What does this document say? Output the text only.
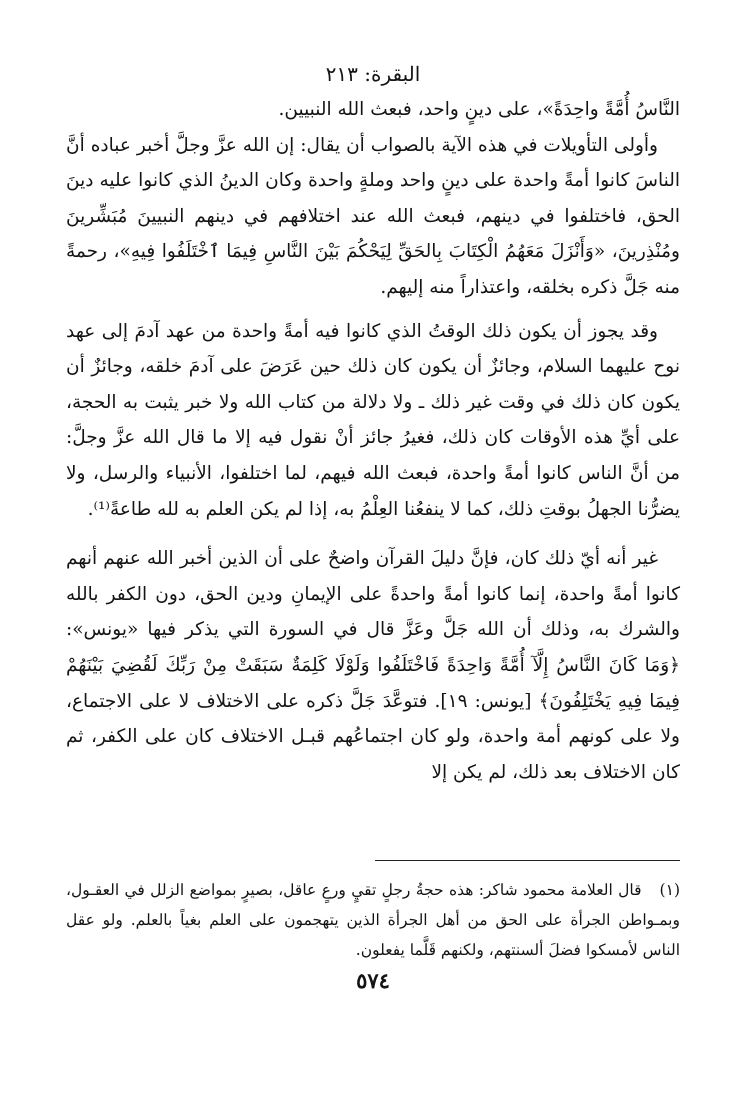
البقرة: ٢١٣

النَّاسُ أُمَّةً واحِدَةً»، على دينٍ واحد، فبعث الله النبيين.

وأولى التأويلات في هذه الآية بالصواب أن يقال: إن الله عزَّ وجلَّ أخبر عباده أنَّ الناسَ كانوا أمةً واحدة على دينٍ واحد وملةٍ واحدة وكان الدينُ الذي كانوا عليه دينَ الحق، فاختلفوا في دينهم، فبعث الله عند اختلافهم في دينهم النبيينَ مُبَشِّرينَ ومُنْذِرينَ، «وَأَنْزَلَ مَعَهُمُ الْكِتَابَ بِالحَقِّ لِيَحْكُمَ بَيْنَ النَّاسِ فِيمَا ٱخْتَلَفُوا فِيهِ»، رحمةً منه جَلَّ ذكره بخلقه، واعتذاراً منه إليهم.

وقد يجوز أن يكون ذلك الوقتُ الذي كانوا فيه أمةً واحدة من عهد آدمَ إلى عهد نوح عليهما السلام، وجائزٌ أن يكون كان ذلك حين عَرَضَ على آدمَ خلقه، وجائزٌ أن يكون كان ذلك في وقت غير ذلك ـ ولا دلالة من كتاب الله ولا خبر يثبت به الحجة، على أيِّ هذه الأوقات كان ذلك، فغيرُ جائز أنْ نقول فيه إلا ما قال الله عزَّ وجلَّ: من أنَّ الناس كانوا أمةً واحدة، فبعث الله فيهم، لما اختلفوا، الأنبياء والرسل، ولا يضرُّنا الجهلُ بوقتِ ذلك، كما لا ينفعُنا العِلْمُ به، إذا لم يكن العلم به لله طاعةً⁽¹⁾.

غير أنه أيّ ذلك كان، فإنَّ دليلَ القرآن واضحٌ على أن الذين أخبر الله عنهم أنهم كانوا أمةً واحدة، إنما كانوا أمةً واحدةً على الإيمانِ ودين الحق، دون الكفر بالله والشرك به، وذلك أن الله جَلَّ وعَزَّ قال في السورة التي يذكر فيها «يونس»: ﴿وَمَا كَانَ النَّاسُ إِلَّآ أُمَّةً وَاحِدَةً فَاخْتَلَفُوا وَلَوْلَا كَلِمَةٌ سَبَقَتْ مِنْ رَبِّكَ لَقُضِيَ بَيْنَهُمْ فِيمَا فِيهِ يَخْتَلِفُونَ﴾ [يونس: ١٩]. فتوعَّدَ جَلَّ ذكره على الاختلاف لا على الاجتماع، ولا على كونهم أمة واحدة، ولو كان اجتماعُهم قبـل الاختلاف كان على الكفر، ثم كان الاختلاف بعد ذلك، لم يكن إلا

(١)قال العلامة محمود شاكر: هذه حجةُ رجلٍ تقيٍ ورعٍ عاقل، بصيرٍ بمواضع الزلل في العقـول، وبمـواطن الجرأة على الحق من أهل الجرأة الذين يتهجمون على العلم بغياً بالعلم. ولو عقل الناس لأمسكوا فضلَ ألسنتهم، ولكنهم قَلَّما يفعلون.

٥٧٤
